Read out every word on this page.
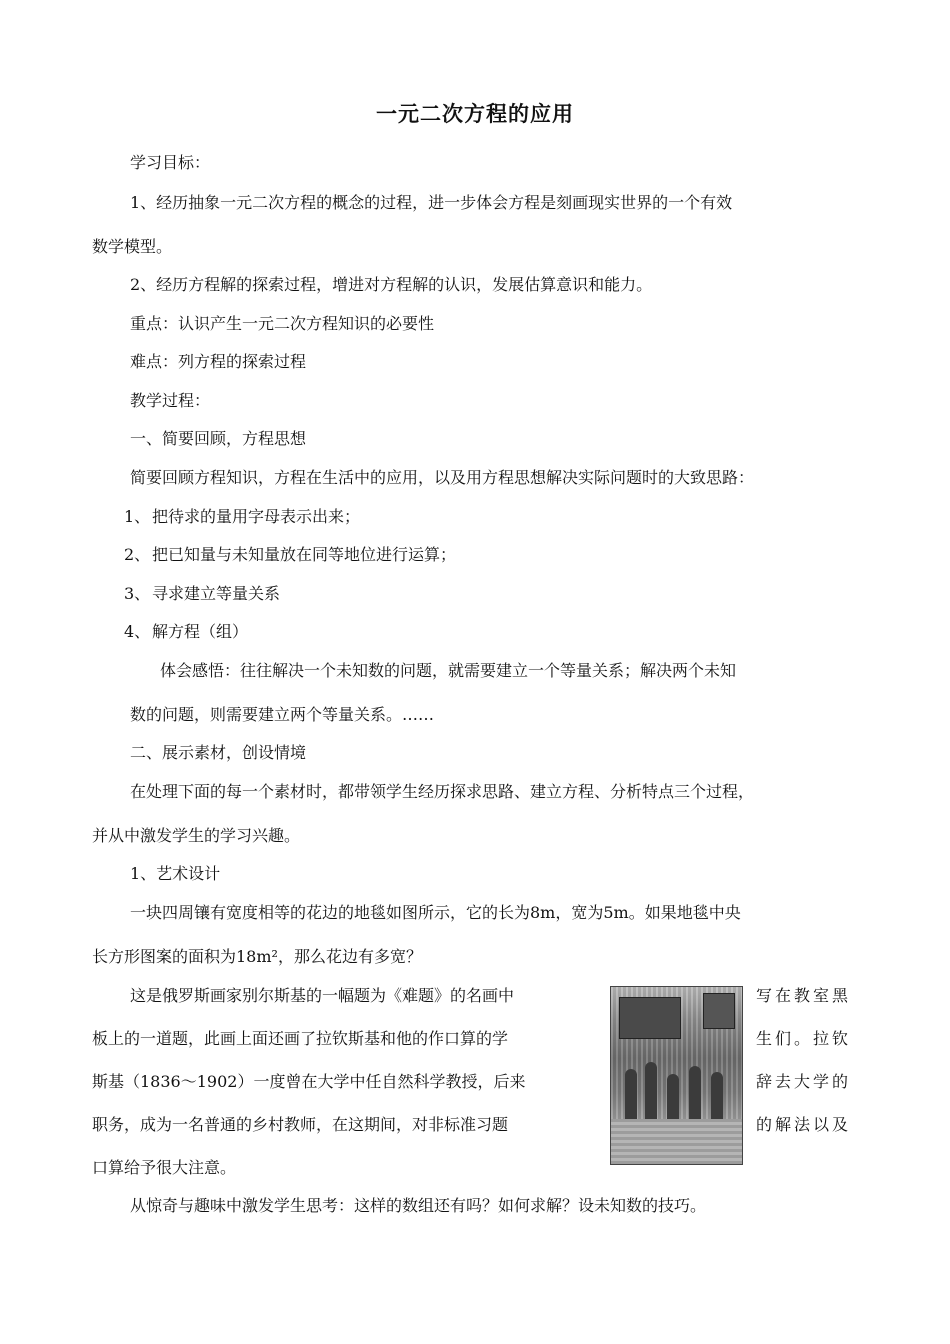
一元二次方程的应用
学习目标：
1、经历抽象一元二次方程的概念的过程，进一步体会方程是刻画现实世界的一个有效
数学模型。
2、经历方程解的探索过程，增进对方程解的认识，发展估算意识和能力。
重点：认识产生一元二次方程知识的必要性
难点：列方程的探索过程
教学过程：
一、简要回顾，方程思想
简要回顾方程知识，方程在生活中的应用，以及用方程思想解决实际问题时的大致思路：
1、 把待求的量用字母表示出来；
2、 把已知量与未知量放在同等地位进行运算；
3、 寻求建立等量关系
4、 解方程（组）
体会感悟：往往解决一个未知数的问题，就需要建立一个等量关系；解决两个未知
数的问题，则需要建立两个等量关系。……
二、展示素材，创设情境
在处理下面的每一个素材时，都带领学生经历探求思路、建立方程、分析特点三个过程，
并从中激发学生的学习兴趣。
1、艺术设计
一块四周镶有宽度相等的花边的地毯如图所示，它的长为8m，宽为5m。如果地毯中央
长方形图案的面积为18m²，那么花边有多宽？
这是俄罗斯画家别尔斯基的一幅题为《难题》的名画中	写在教室黑
板上的一道题，此画上面还画了拉钦斯基和他的作口算的学	生们。拉钦
斯基（1836～1902）一度曾在大学中任自然科学教授，后来	辞去大学的
职务，成为一名普通的乡村教师，在这期间，对非标准习题	的解法以及
口算给予很大注意。
从惊奇与趣味中激发学生思考：这样的数组还有吗？如何求解？设未知数的技巧。
